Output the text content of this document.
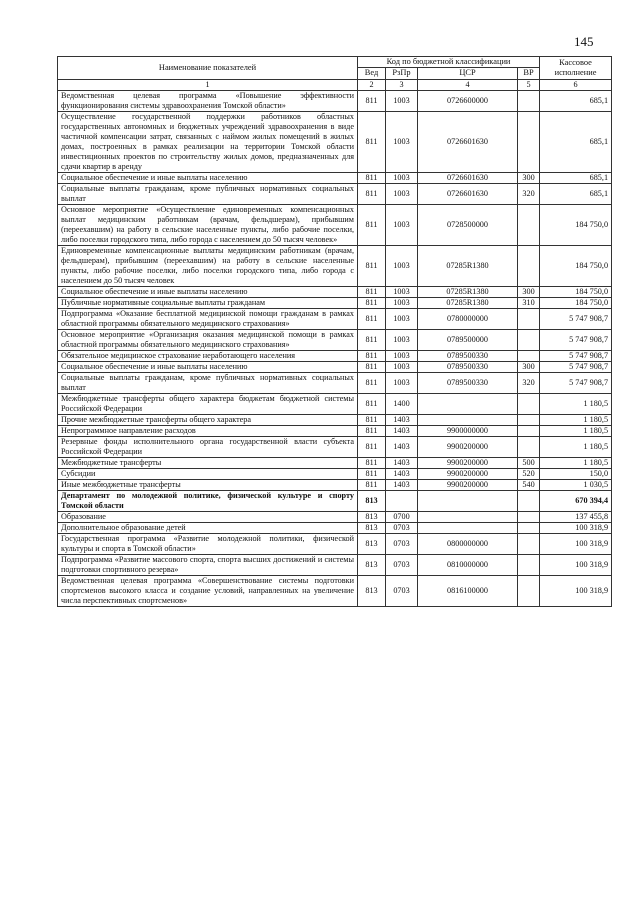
145
Наименование показателей	Код по бюджетной классификации				Кассовое исполнение
	Вед	РзПр	ЦСР	ВР	
1	2	3	4	5	6
Ведомственная целевая программа «Повышение эффективности функционирования системы здравоохранения Томской области»	811	1003	0726600000		685,1
Осуществление государственной поддержки работников областных государственных автономных и бюджетных учреждений здравоохранения в виде частичной компенсации затрат, связанных с наймом жилых помещений в жилых домах, построенных в рамках реализации на территории Томской области инвестиционных проектов по строительству жилых домов, предназначенных для сдачи квартир в аренду	811	1003	0726601630		685,1
Социальное обеспечение и иные выплаты населению	811	1003	0726601630	300	685,1
Социальные выплаты гражданам, кроме публичных нормативных социальных выплат	811	1003	0726601630	320	685,1
Основное мероприятие «Осуществление единовременных компенсационных выплат медицинским работникам (врачам, фельдшерам), прибывшим (переехавшим) на работу в сельские населенные пункты, либо рабочие поселки, либо поселки городского типа, либо города с населением до 50 тысяч человек»	811	1003	0728500000		184 750,0
Единовременные компенсационные выплаты медицинским работникам (врачам, фельдшерам), прибывшим (переехавшим) на работу в сельские населенные пункты, либо рабочие поселки, либо поселки городского типа, либо города с населением до 50 тысяч человек	811	1003	07285R1380		184 750,0
Социальное обеспечение и иные выплаты населению	811	1003	07285R1380	300	184 750,0
Публичные нормативные социальные выплаты гражданам	811	1003	07285R1380	310	184 750,0
Подпрограмма «Оказание бесплатной медицинской помощи гражданам в рамках областной программы обязательного медицинского страхования»	811	1003	0780000000		5 747 908,7
Основное мероприятие «Организация оказания медицинской помощи в рамках областной программы обязательного медицинского страхования»	811	1003	0789500000		5 747 908,7
Обязательное медицинское страхование неработающего населения	811	1003	0789500330		5 747 908,7
Социальное обеспечение и иные выплаты населению	811	1003	0789500330	300	5 747 908,7
Социальные выплаты гражданам, кроме публичных нормативных социальных выплат	811	1003	0789500330	320	5 747 908,7
Межбюджетные трансферты общего характера бюджетам бюджетной системы Российской Федерации	811	1400			1 180,5
Прочие межбюджетные трансферты общего характера	811	1403			1 180,5
Непрограммное направление расходов	811	1403	9900000000		1 180,5
Резервные фонды исполнительного органа государственной власти субъекта Российской Федерации	811	1403	9900200000		1 180,5
Межбюджетные трансферты	811	1403	9900200000	500	1 180,5
Субсидии	811	1403	9900200000	520	150,0
Иные межбюджетные трансферты	811	1403	9900200000	540	1 030,5
Департамент по молодежной политике, физической культуре и спорту Томской области	813				670 394,4
Образование	813	0700			137 455,8
Дополнительное образование детей	813	0703			100 318,9
Государственная программа «Развитие молодежной политики, физической культуры и спорта в Томской области»	813	0703	0800000000		100 318,9
Подпрограмма «Развитие массового спорта, спорта высших достижений и системы подготовки спортивного резерва»	813	0703	0810000000		100 318,9
Ведомственная целевая программа «Совершенствование системы подготовки спортсменов высокого класса и создание условий, направленных на увеличение числа перспективных спортсменов»	813	0703	0816100000		100 318,9
